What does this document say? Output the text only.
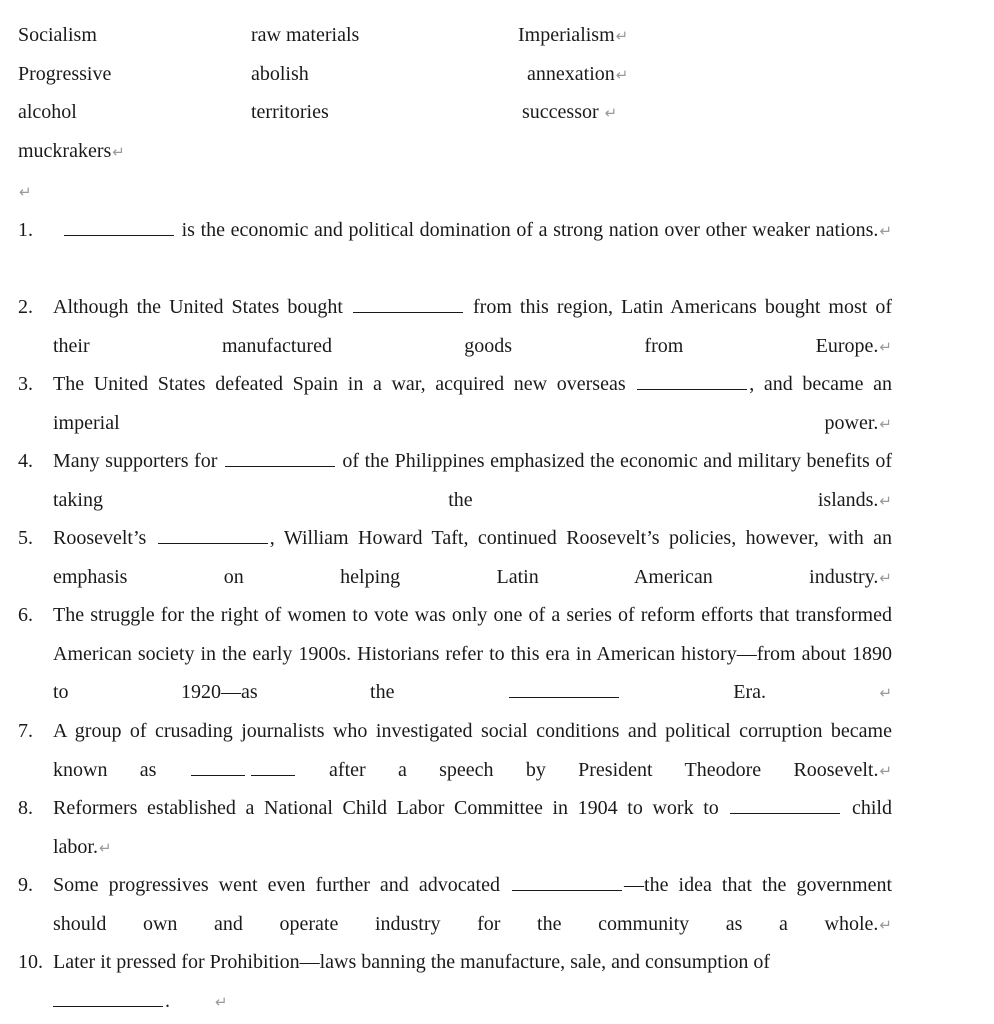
Socialism	raw materials	Imperialism↵
Progressive	abolish	annexation↵
alcohol	territories	successor ↵
muckrakers↵
↵
1.	is the economic and political domination of a strong nation over other weaker nations.↵
2. Although the United States bought	from this region, Latin Americans bought most of their manufactured goods from Europe.↵
3. The United States defeated Spain in a war, acquired new overseas	, and became an imperial power.↵
4. Many supporters for	of the Philippines emphasized the economic and military benefits of taking the islands.↵
5. Roosevelt’s	, William Howard Taft, continued Roosevelt’s policies, however, with an emphasis on helping Latin American industry.↵
6. The struggle for the right of women to vote was only one of a series of reform efforts that transformed American society in the early 1900s. Historians refer to this era in American history—from about 1890 to 1920—as the	Era.	↵
7. A group of crusading journalists who investigated social conditions and political corruption became known as	after a speech by President Theodore Roosevelt.↵
8. Reformers established a National Child Labor Committee in 1904 to work to	child labor.↵
9. Some progressives went even further and advocated	—the idea that the government should own and operate industry for the community as a whole.↵
10. Later it pressed for Prohibition—laws banning the manufacture, sale, and consumption of
.	↵
